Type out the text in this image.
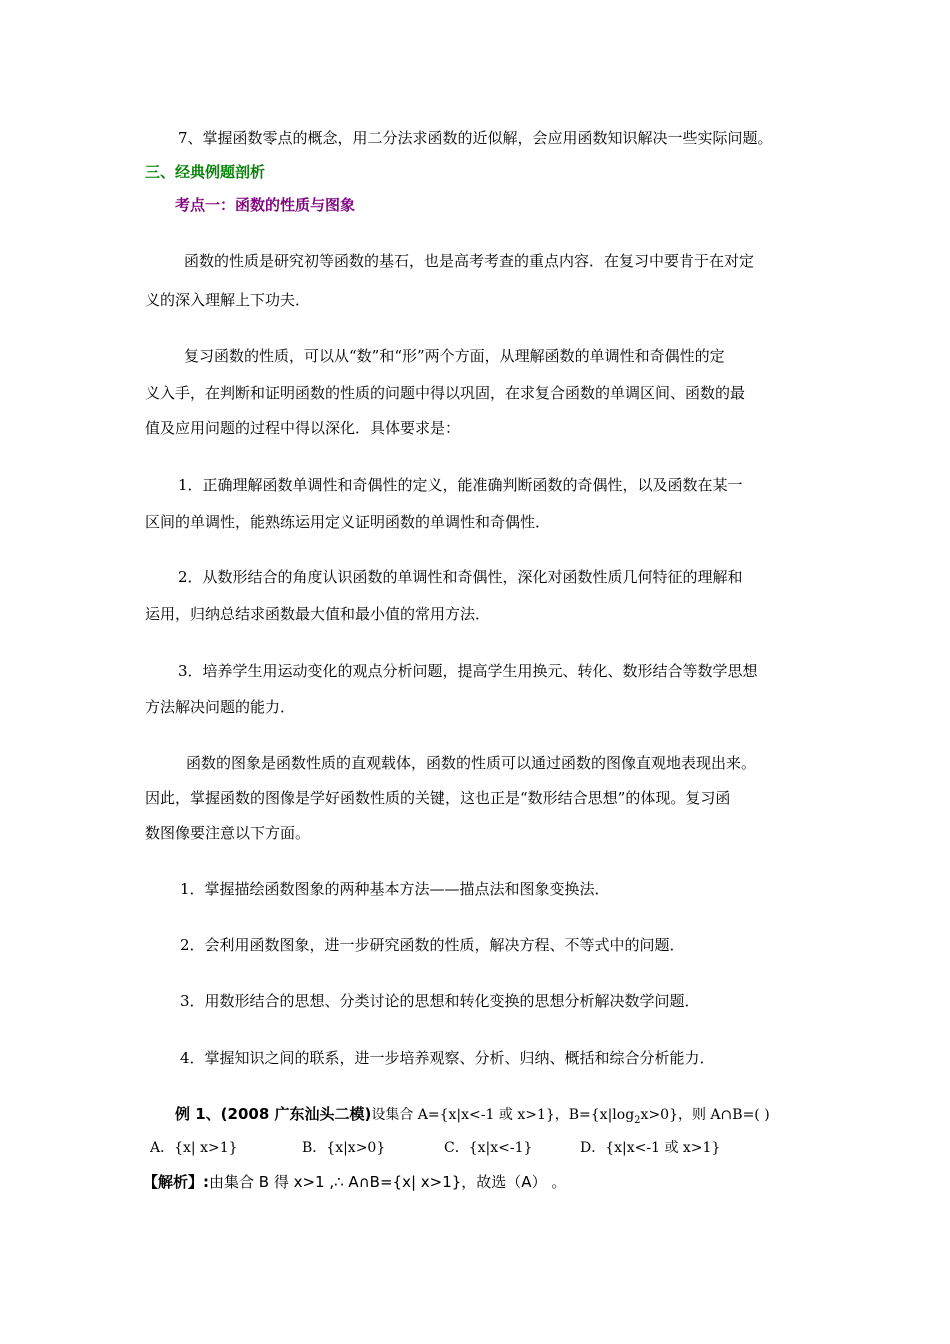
7、掌握函数零点的概念，用二分法求函数的近似解，会应用函数知识解决一些实际问题。
三、经典例题剖析
考点一：函数的性质与图象
函数的性质是研究初等函数的基石，也是高考考查的重点内容．在复习中要肯于在对定
义的深入理解上下功夫．
复习函数的性质，可以从“数”和“形”两个方面，从理解函数的单调性和奇偶性的定
义入手，在判断和证明函数的性质的问题中得以巩固，在求复合函数的单调区间、函数的最
值及应用问题的过程中得以深化．具体要求是：
1．正确理解函数单调性和奇偶性的定义，能准确判断函数的奇偶性，以及函数在某一
区间的单调性，能熟练运用定义证明函数的单调性和奇偶性．
2．从数形结合的角度认识函数的单调性和奇偶性，深化对函数性质几何特征的理解和
运用，归纳总结求函数最大值和最小值的常用方法．
3．培养学生用运动变化的观点分析问题，提高学生用换元、转化、数形结合等数学思想
方法解决问题的能力．
函数的图象是函数性质的直观载体，函数的性质可以通过函数的图像直观地表现出来。
因此，掌握函数的图像是学好函数性质的关键，这也正是“数形结合思想”的体现。复习函
数图像要注意以下方面。
1．掌握描绘函数图象的两种基本方法——描点法和图象变换法．
2．会利用函数图象，进一步研究函数的性质，解决方程、不等式中的问题．
3．用数形结合的思想、分类讨论的思想和转化变换的思想分析解决数学问题．
4．掌握知识之间的联系，进一步培养观察、分析、归纳、概括和综合分析能力．
例 1、(2008 广东汕头二模)设集合 A={x|x<-1 或 x>1}，$B=\{x|\log_2x>0\}$，则 A∩B=( )
A．{x| x>1}	B．{x|x>0}	C．{x|x<-1}	D．{x|x<-1 或 x>1}
【解析】:由集合 B 得 x>1 ,∴ A∩B={x| x>1}，故选（A） 。
